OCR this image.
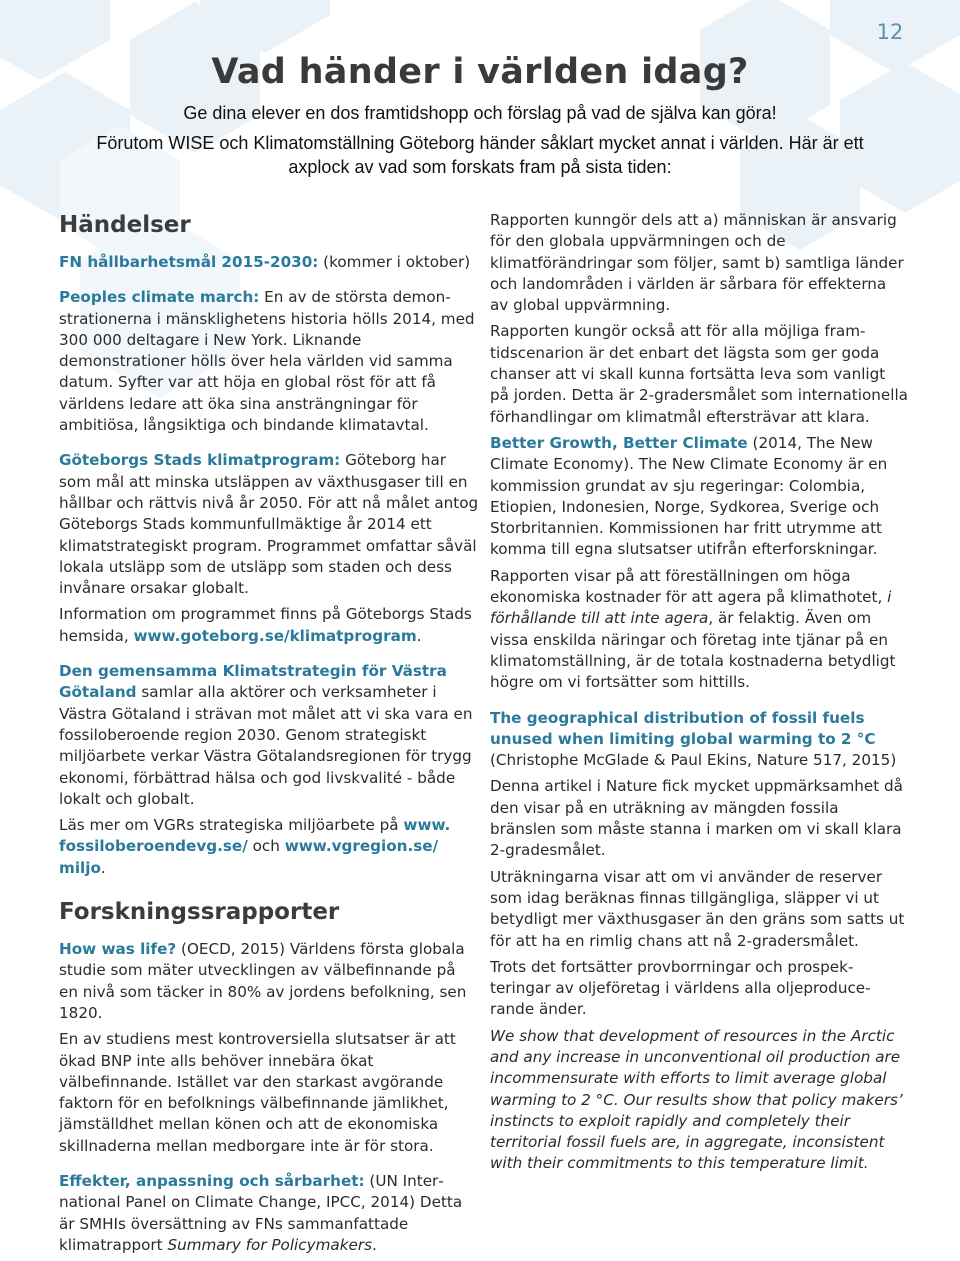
12
Vad händer i världen idag?

Ge dina elever en dos framtidshopp och förslag på vad de själva kan göra!

Förutom WISE och Klimatomställning Göteborg händer såklart mycket annat i världen. Här är ett
axplock av vad som forskats fram på sista tiden:

Händelser

FN hållbarhetsmål 2015-2030: (kommer i oktober)

Peoples climate march: En av de största demonstrationerna i mänsklighetens historia hölls 2014, med 300 000 deltagare i New York. Liknande demonstrationer hölls över hela världen vid samma datum. Syfter var att höja en global röst för att få världens ledare att öka sina ansträngningar för ambitiösa, långsiktiga och bindande klimatavtal.

Göteborgs Stads klimatprogram: Göteborg har som mål att minska utsläppen av växthusgaser till en hållbar och rättvis nivå år 2050. För att nå målet antog Göteborgs Stads kommunfullmäktige år 2014 ett klimatstrategiskt program. Programmet omfattar såväl lokala utsläpp som de utsläpp som staden och dess invånare orsakar globalt.

Information om programmet finns på Göteborgs Stads hemsida, www.goteborg.se/klimatprogram.

Den gemensamma Klimatstrategin för Västra Götaland samlar alla aktörer och verksamheter i Västra Götaland i strävan mot målet att vi ska vara en fossiloberoende region 2030. Genom strategiskt miljöarbete verkar Västra Götalandsregionen för trygg ekonomi, förbättrad hälsa och god livskvalité - både lokalt och globalt.

Läs mer om VGRs strategiska miljöarbete på www. fossiloberoendevg.se/ och www.vgregion.se/ miljo.

Forskningssrapporter

How was life? (OECD, 2015) Världens första globala studie som mäter utvecklingen av välbefinnande på en nivå som täcker in 80% av jordens befolkning, sen 1820.

En av studiens mest kontroversiella slutsatser är att ökad BNP inte alls behöver innebära ökat välbefinnande. Istället var den starkast avgörande faktorn för en befolknings välbefinnande jämlikhet, jämställdhet mellan könen och att de ekonomiska skillnaderna mellan medborgare inte är för stora.

Effekter, anpassning och sårbarhet: (UN International Panel on Climate Change, IPCC, 2014) Detta är SMHIs översättning av FNs sammanfattade klimatrapport Summary for Policymakers.

Rapporten kunngör dels att a) människan är ansvarig för den globala uppvärmningen och de klimatförändringar som följer, samt b) samtliga länder och landområden i världen är sårbara för effekterna av global uppvärmning.

Rapporten kungör också att för alla möjliga framtidscenarion är det enbart det lägsta som ger goda chanser att vi skall kunna fortsätta leva som vanligt på jorden. Detta är 2-gradersmålet som internationella förhandlingar om klimatmål eftersträvar att klara.

Better Growth, Better Climate (2014, The New Climate Economy). The New Climate Economy är en kommission grundat av sju regeringar: Colombia, Etiopien, Indonesien, Norge, Sydkorea, Sverige och Storbritannien. Kommissionen har fritt utrymme att komma till egna slutsatser utifrån efterforskningar.

Rapporten visar på att föreställningen om höga ekonomiska kostnader för att agera på klimathotet, i förhållande till att inte agera, är felaktig. Även om vissa enskilda näringar och företag inte tjänar på en klimatomställning, är de totala kostnaderna betydligt högre om vi fortsätter som hittills.

The geographical distribution of fossil fuels unused when limiting global warming to 2 °C
(Christophe McGlade & Paul Ekins, Nature 517, 2015)

Denna artikel i Nature fick mycket uppmärksamhet då den visar på en uträkning av mängden fossila bränslen som måste stanna i marken om vi skall klara 2-gradesmålet.

Uträkningarna visar att om vi använder de reserver som idag beräknas finnas tillgängliga, släpper vi ut betydligt mer växthusgaser än den gräns som satts ut för att ha en rimlig chans att nå 2-gradersmålet.

Trots det fortsätter provborrningar och prospekteringar av oljeföretag i världens alla oljeproducerande änder.

We show that development of resources in the Arctic and any increase in unconventional oil production are incommensurate with efforts to limit average global warming to 2 °C. Our results show that policy makers’ instincts to exploit rapidly and completely their territorial fossil fuels are, in aggregate, inconsistent with their commitments to this temperature limit.
